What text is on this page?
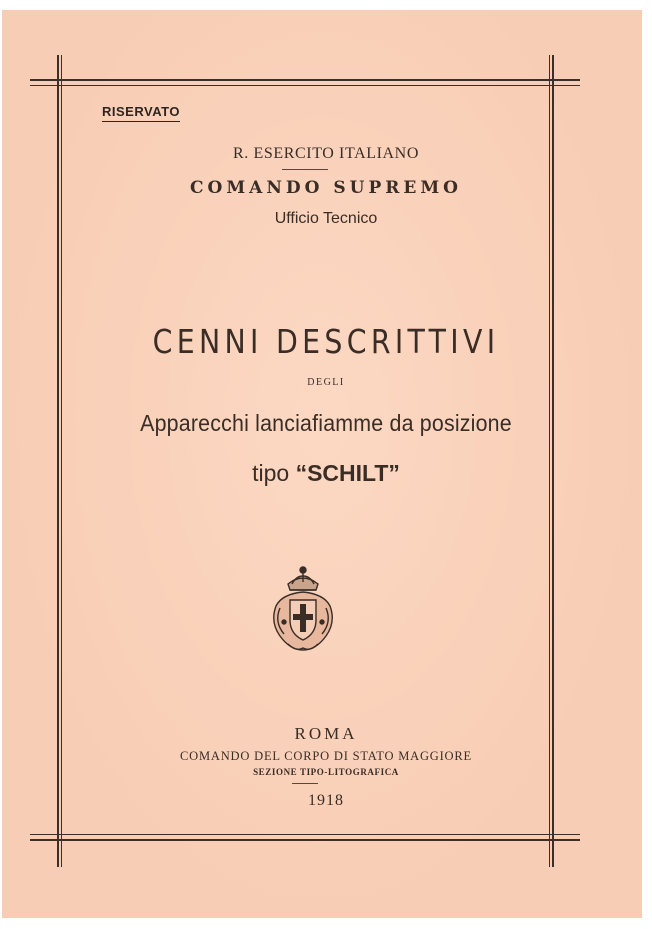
RISERVATO
R. ESERCITO ITALIANO
COMANDO SUPREMO
Ufficio Tecnico
CENNI DESCRITTIVI
DEGLI
Apparecchi lanciafiamme da posizione
tipo “SCHILT”
ROMA
COMANDO DEL CORPO DI STATO MAGGIORE
SEZIONE TIPO-LITOGRAFICA
1918
